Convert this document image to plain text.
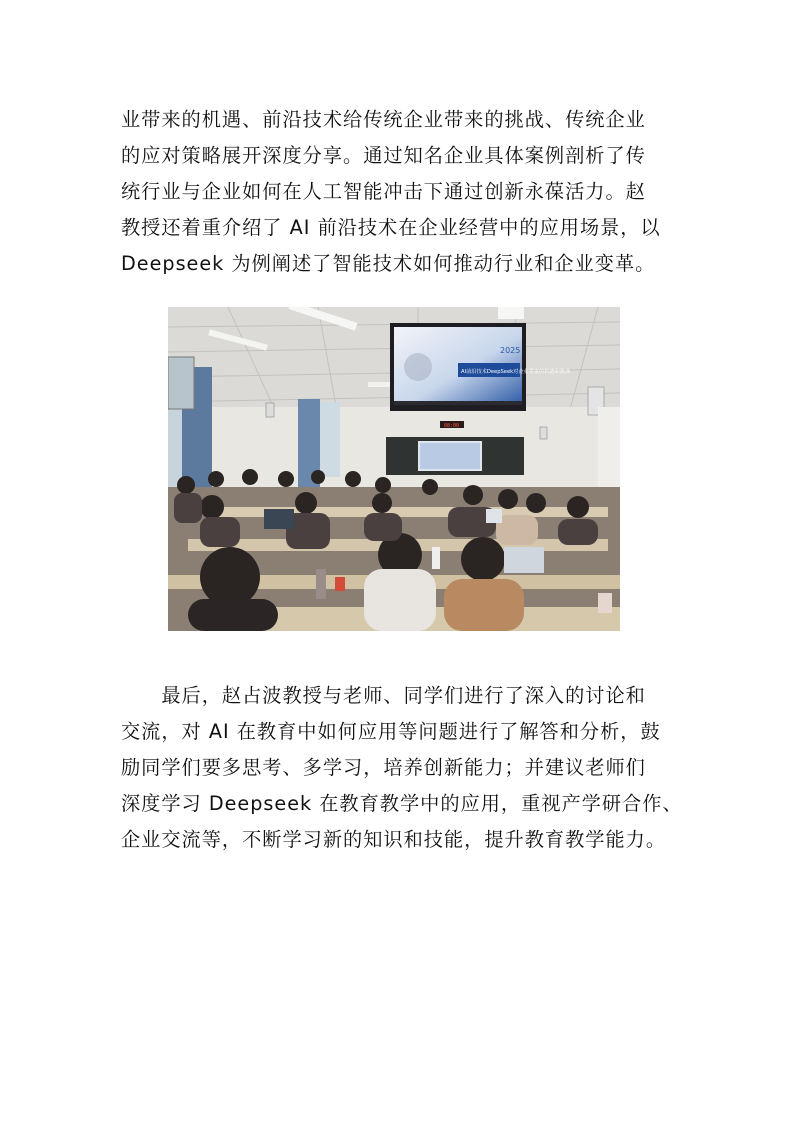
业带来的机遇、前沿技术给传统企业带来的挑战、传统企业
的应对策略展开深度分享。通过知名企业具体案例剖析了传
统行业与企业如何在人工智能冲击下通过创新永葆活力。赵
教授还着重介绍了 AI 前沿技术在企业经营中的应用场景，以
Deepseek 为例阐述了智能技术如何推动行业和企业变革。
AI前沿技术DeepSeek对企业带来的机遇和挑战
2025
08:00
　　最后，赵占波教授与老师、同学们进行了深入的讨论和
交流，对 AI 在教育中如何应用等问题进行了解答和分析，鼓
励同学们要多思考、多学习，培养创新能力；并建议老师们
深度学习 Deepseek 在教育教学中的应用，重视产学研合作、
企业交流等，不断学习新的知识和技能，提升教育教学能力。
